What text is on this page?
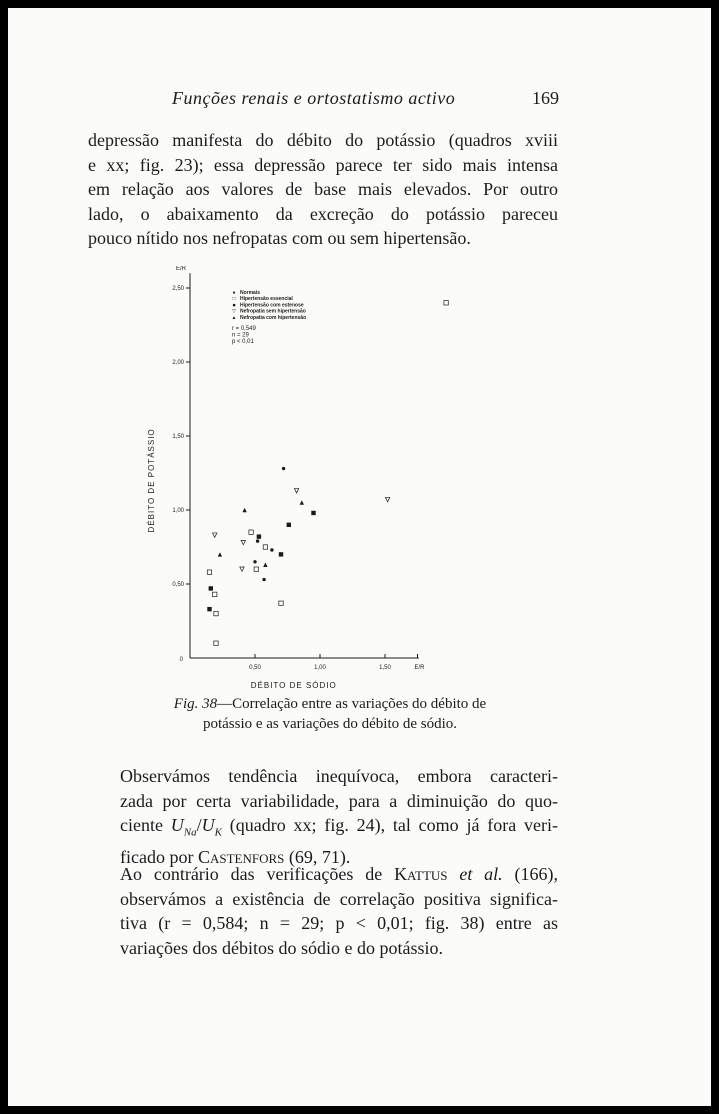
Funções renais e ortostatismo activo	169

depressão manifesta do débito do potássio (quadros xviii
e xx; fig. 23); essa depressão parece ter sido mais intensa
em relação aos valores de base mais elevados. Por outro
lado, o abaixamento da excreção do potássio pareceu
pouco nítido nos nefropatas com ou sem hipertensão.

0,50	1,00	1,50	E/R
2,50
2,00
1,50
1,00
0,50
0
E/R
DÉBITO DE SÓDIO
DÉBITO DE POTÁSSIO
● Normais
□ Hipertensão essencial
■ Hipertensão com estenose
▽ Nefropatia sem hipertensão
▲ Nefropatia com hipertensão
r = 0,549
n = 29
p < 0,01
Fig. 38—Correlação entre as variações do débito de potássio e as variações do débito de sódio.

Observámos tendência inequívoca, embora caracteri-
zada por certa variabilidade, para a diminuição do quo-
ciente $U_{Na}/U_K$ (quadro xx; fig. 24), tal como já fora veri-
ficado por Castenfors (69, 71).

Ao contrário das verificações de Kattus et al. (166),
observámos a existência de correlação positiva significa-
tiva (r = 0,584; n = 29; p < 0,01; fig. 38) entre as
variações dos débitos do sódio e do potássio.
